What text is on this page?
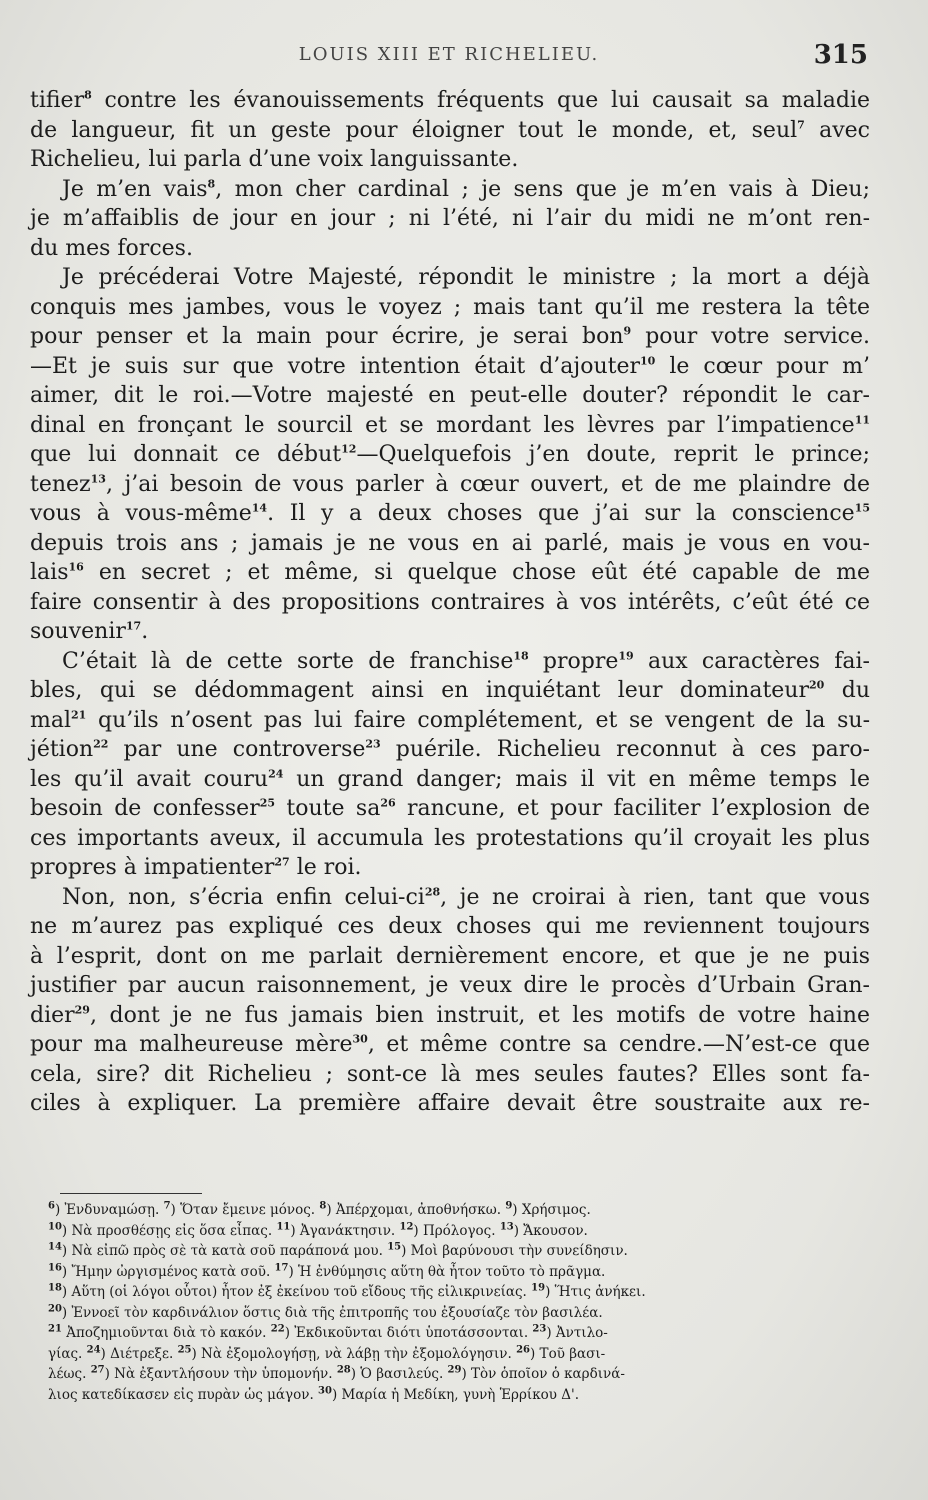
LOUIS XIII ET RICHELIEU.	315
tifier$^8$ contre les évanouissements fréquents que lui causait sa maladie
de langueur, fit un geste pour éloigner tout le monde, et, seul$^7$ avec
Richelieu, lui parla d’une voix languissante.
Je m’en vais$^8$, mon cher cardinal ; je sens que je m’en vais à Dieu;
je m’affaiblis de jour en jour ; ni l’été, ni l’air du midi ne m’ont ren-
du mes forces.
Je précéderai Votre Majesté, répondit le ministre ; la mort a déjà
conquis mes jambes, vous le voyez ; mais tant qu’il me restera la tête
pour penser et la main pour écrire, je serai bon$^9$ pour votre service.
—Et je suis sur que votre intention était d’ajouter$^{10}$ le cœur pour m’
aimer, dit le roi.—Votre majesté en peut-elle douter? répondit le car-
dinal en fronçant le sourcil et se mordant les lèvres par l’impatience$^{11}$
que lui donnait ce début$^{12}$—Quelquefois j’en doute, reprit le prince;
tenez$^{13}$, j’ai besoin de vous parler à cœur ouvert, et de me plaindre de
vous à vous-même$^{14}$. Il y a deux choses que j’ai sur la conscience$^{15}$
depuis trois ans ; jamais je ne vous en ai parlé, mais je vous en vou-
lais$^{16}$ en secret ; et même, si quelque chose eût été capable de me
faire consentir à des propositions contraires à vos intérêts, c’eût été ce
souvenir$^{17}$.
C’était là de cette sorte de franchise$^{18}$ propre$^{19}$ aux caractères fai-
bles, qui se dédommagent ainsi en inquiétant leur dominateur$^{20}$ du
mal$^{21}$ qu’ils n’osent pas lui faire complétement, et se vengent de la su-
jétion$^{22}$ par une controverse$^{23}$ puérile. Richelieu reconnut à ces paro-
les qu’il avait couru$^{24}$ un grand danger; mais il vit en même temps le
besoin de confesser$^{25}$ toute $sa^{26}$ rancune, et pour faciliter l’explosion de
ces importants aveux, il accumula les protestations qu’il croyait les plus
propres à impatienter$^{27}$ le roi.
Non, non, s’écria enfin celui-$ci^{28}$, je ne croirai à rien, tant que vous
ne m’aurez pas expliqué ces deux choses qui me reviennent toujours
à l’esprit, dont on me parlait dernièrement encore, et que je ne puis
justifier par aucun raisonnement, je veux dire le procès d’Urbain Gran-
dier$^{29}$, dont je ne fus jamais bien instruit, et les motifs de votre haine
pour ma malheureuse mère$^{30}$, et même contre sa cendre.—N’est-ce que
cela, sire? dit Richelieu ; sont-ce là mes seules fautes? Elles sont fa-
ciles à expliquer. La première affaire devait être soustraite aux re-
$^6$) Ἐνδυναμώσῃ. $^7$) Ὅταν ἔμεινε μόνος. $^8$) Ἀπέρχομαι, ἀποθνήσκω. $^9$) Χρήσιμος.
$^{10}$) Νὰ προσθέσῃς εἰς ὅσα εἶπας. $^{11}$) Ἀγανάκτησιν. $^{12}$) Πρόλογος. $^{13}$) Ἄκουσον.
$^{14}$) Νὰ εἰπῶ πρὸς σὲ τὰ κατὰ σοῦ παράπονά μου. $^{15}$) Μοὶ βαρύνουσι τὴν συνείδησιν.
$^{16}$) Ἤμην ὠργισμένος κατὰ σοῦ. $^{17}$) Ἡ ἐνθύμησις αὕτη θὰ ἦτον τοῦτο τὸ πρᾶγμα.
$^{18}$) Αὕτη (οἱ λόγοι οὗτοι) ἦτον ἐξ ἐκείνου τοῦ εἴδους τῆς εἰλικρινείας. $^{19}$) Ἥτις ἀνήκει.
$^{20}$) Ἐννοεῖ τὸν καρδινάλιον ὅστις διὰ τῆς ἐπιτροπῆς του ἐξουσίαζε τὸν βασιλέα.
$^{21}$ Ἀποζημιοῦνται διὰ τὸ κακόν. $^{22}$) Ἐκδικοῦνται διότι ὑποτάσσονται. $^{23}$) Ἀντιλο-
γίας. $^{24}$) Διέτρεξε. $^{25}$) Νὰ ἐξομολογήσῃ, νὰ λάβῃ τὴν ἐξομολόγησιν. $^{26}$) Τοῦ βασι-
λέως. $^{27}$) Νὰ ἐξαντλήσουν τὴν ὑπομονήν. $^{28}$) Ὁ βασιλεύς. $^{29}$) Τὸν ὁποῖον ὁ καρδινά-
λιος κατεδίκασεν εἰς πυρὰν ὡς μάγον. $^{30}$) Μαρία ἡ Μεδίκη, γυνὴ Ἑρρίκου Δ'.
